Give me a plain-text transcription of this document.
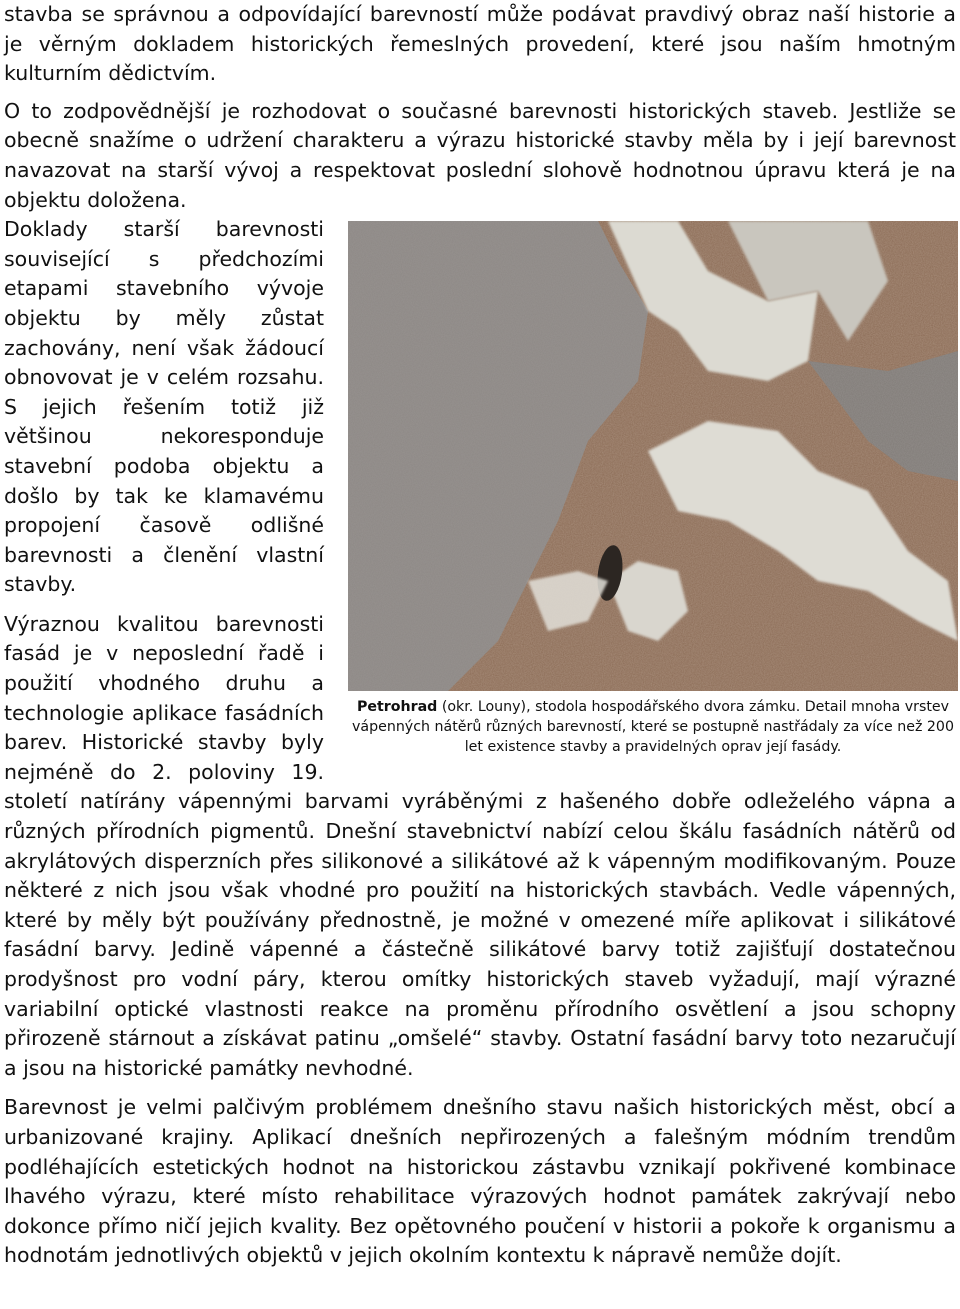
stavba se správnou a odpovídající barevností může podávat pravdivý obraz naší historie a je věrným dokladem historických řemeslných provedení, které jsou naším hmotným kulturním dědictvím.

O to zodpovědnější je rozhodovat o současné barevnosti historických staveb. Jestliže se obecně snažíme o udržení charakteru a výrazu historické stavby měla by i její barevnost navazovat na starší vývoj a respektovat poslední slohově hodnotnou úpravu která je na objektu doložena.

Petrohrad (okr. Louny), stodola hospodářského dvora zámku. Detail mnoha vrstev vápenných nátěrů různých barevností, které se postupně nastřádaly za více než 200 let existence stavby a pravidelných oprav její fasády.

Doklady starší barevnosti související s předchozími etapami stavebního vývoje objektu by měly zůstat zachovány, není však žádoucí obnovovat je v celém rozsahu. S jejich řešením totiž již většinou nekoresponduje stavební podoba objektu a došlo by tak ke klamavému propojení časově odlišné barevnosti a členění vlastní stavby.

Výraznou kvalitou barevnosti fasád je v neposlední řadě i použití vhodného druhu a technologie aplikace fasádních barev. Historické stavby byly nejméně do 2. poloviny 19. století natírány vápennými barvami vyráběnými z hašeného dobře odleželého vápna a různých přírodních pigmentů. Dnešní stavebnictví nabízí celou škálu fasádních nátěrů od akrylátových disperzních přes silikonové a silikátové až k vápenným modifikovaným. Pouze některé z nich jsou však vhodné pro použití na historických stavbách. Vedle vápenných, které by měly být používány přednostně, je možné v omezené míře aplikovat i silikátové fasádní barvy. Jedině vápenné a částečně silikátové barvy totiž zajišťují dostatečnou prodyšnost pro vodní páry, kterou omítky historických staveb vyžadují, mají výrazné variabilní optické vlastnosti reakce na proměnu přírodního osvětlení a jsou schopny přirozeně stárnout a získávat patinu „omšelé“ stavby. Ostatní fasádní barvy toto nezaručují a jsou na historické památky nevhodné.

Barevnost je velmi palčivým problémem dnešního stavu našich historických měst, obcí a urbanizované krajiny. Aplikací dnešních nepřirozených a falešným módním trendům podléhajících estetických hodnot na historickou zástavbu vznikají pokřivené kombinace lhavého výrazu, které místo rehabilitace výrazových hodnot památek zakrývají nebo dokonce přímo ničí jejich kvality. Bez opětovného poučení v historii a pokoře k organismu a hodnotám jednotlivých objektů v jejich okolním kontextu k nápravě nemůže dojít.
